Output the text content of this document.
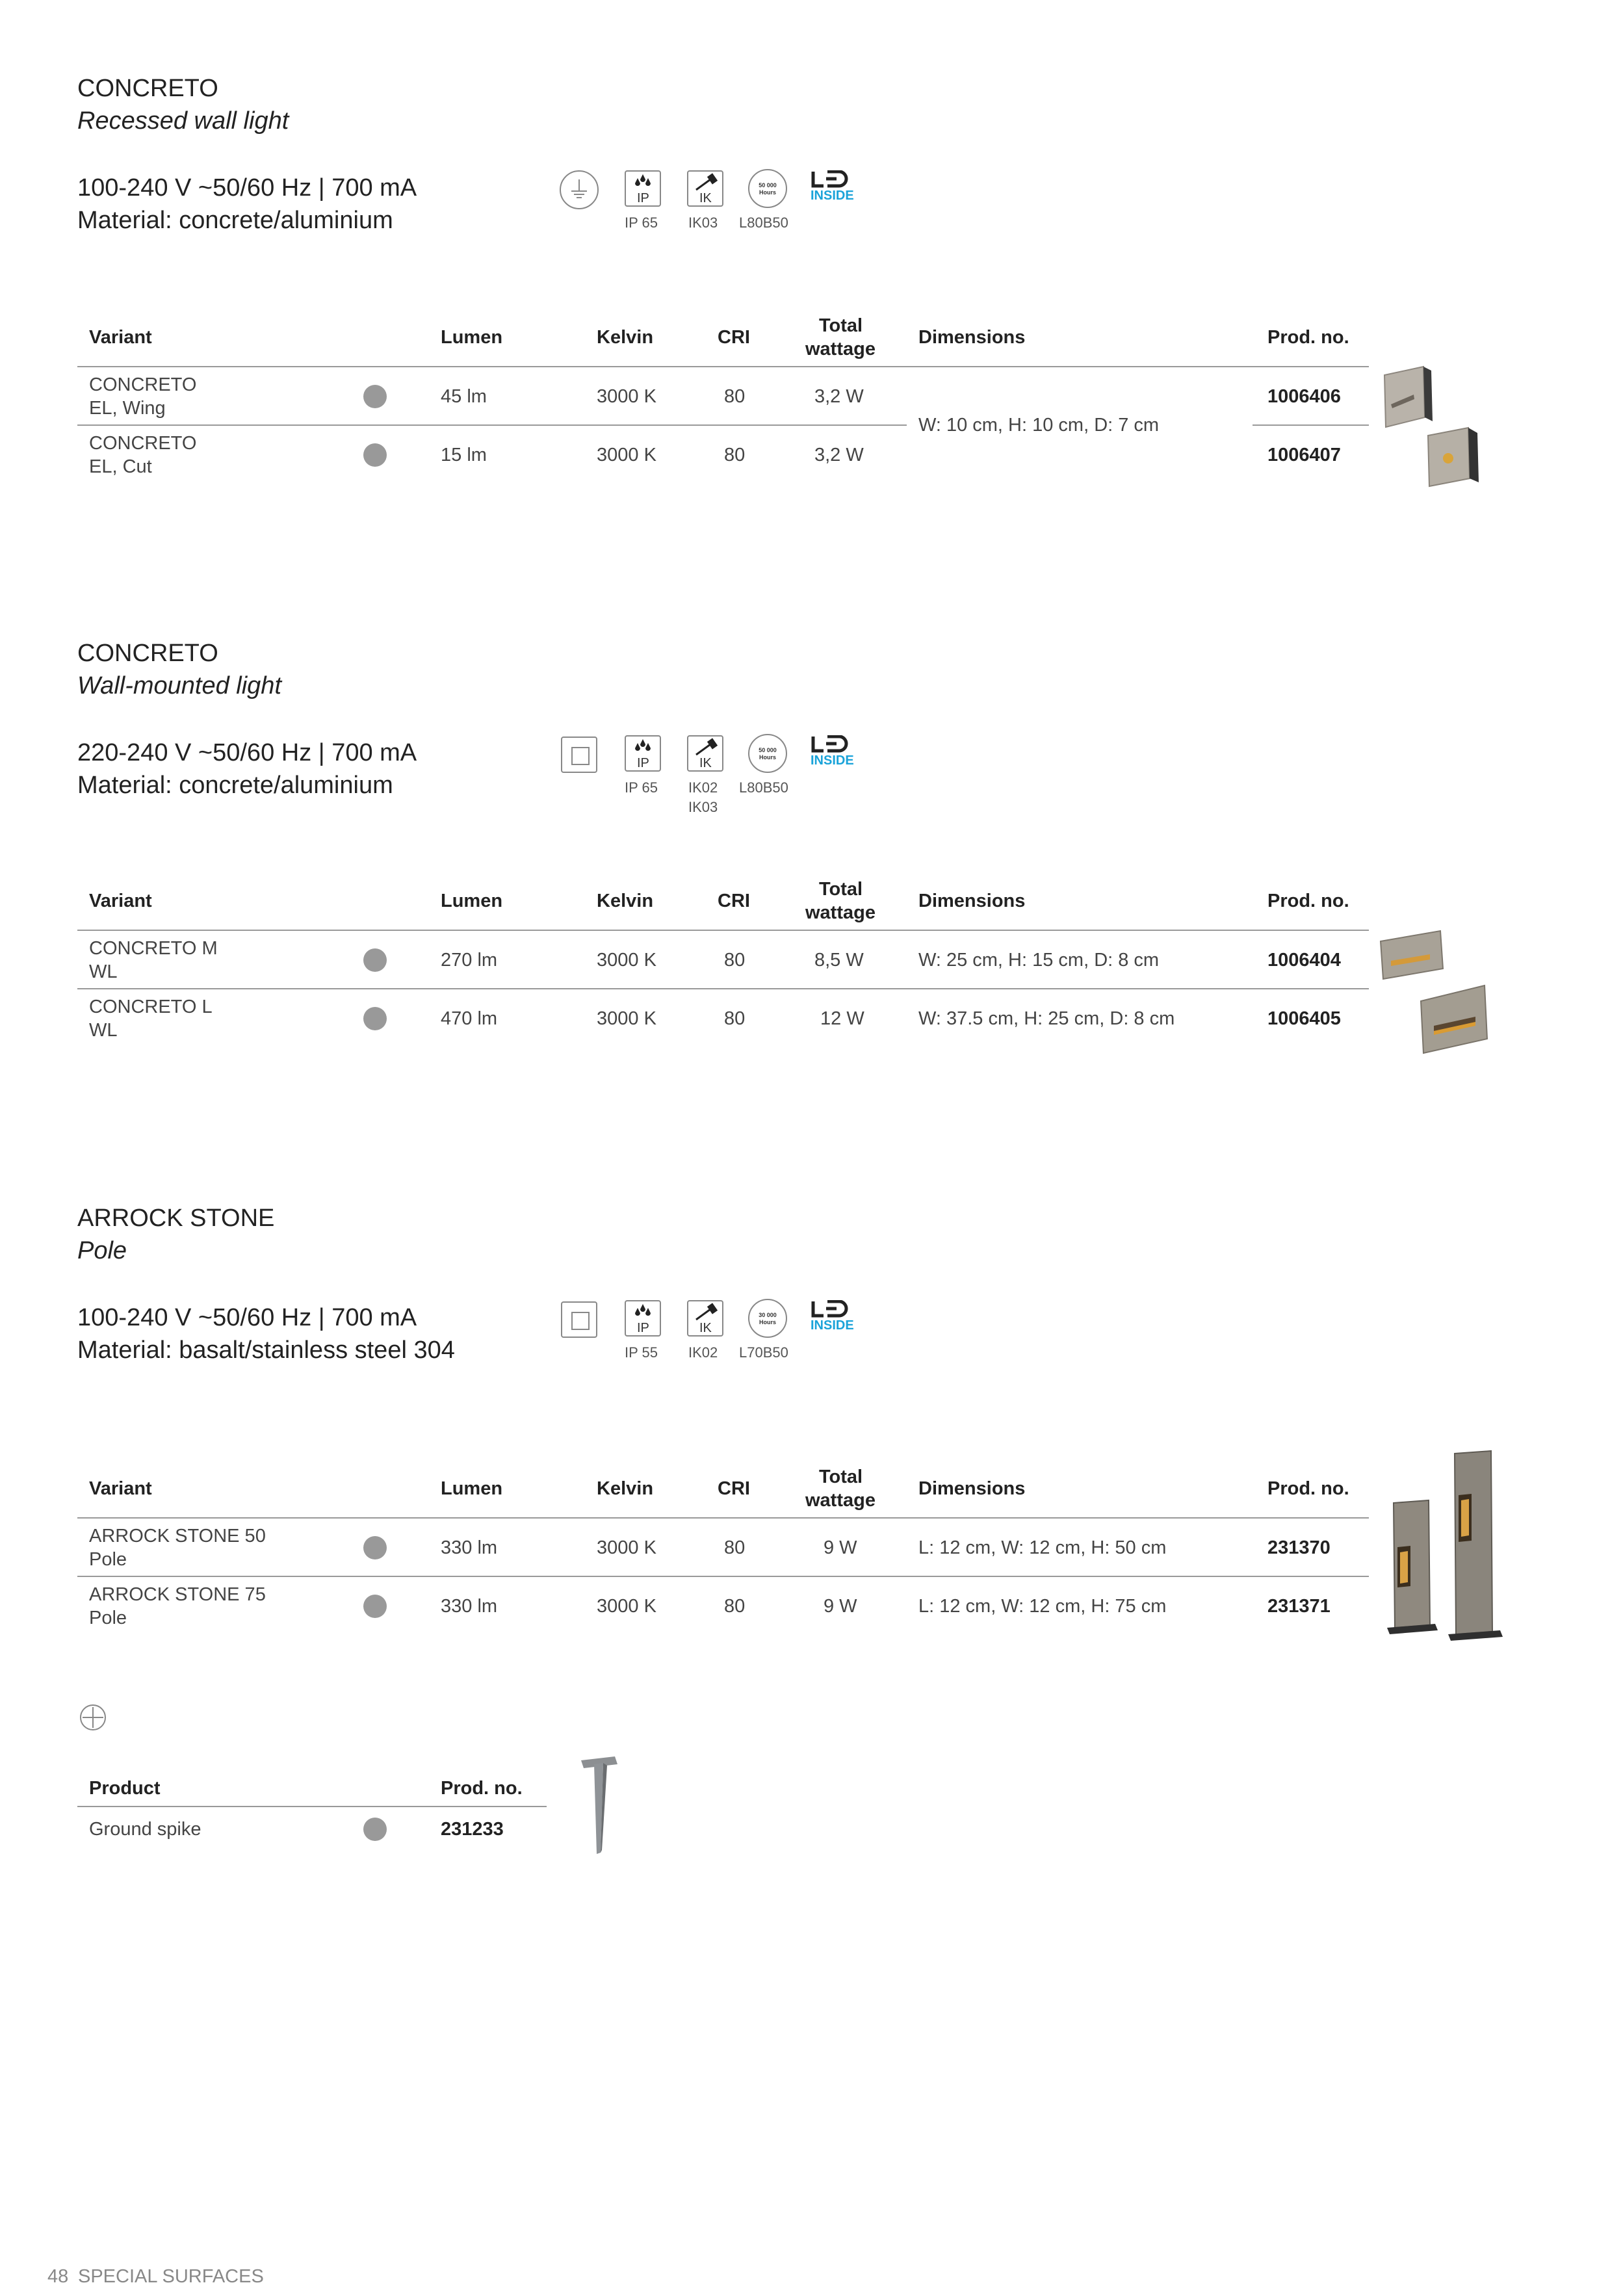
CONCRETO
Recessed wall light
100-240 V ~50/60 Hz | 700 mA
Material: concrete/aluminium
IP	IK
50 000
Hours	INSIDE
IP 65 IK03 L80B50
Variant	Lumen	Kelvin	CRI
Total
wattage
Dimensions	Prod. no.
CONCRETO
EL, Wing
45 lm	3000 K	80	3,2 W	1006406
W: 10 cm, H: 10 cm, D: 7 cm
CONCRETO
EL, Cut
15 lm	3000 K	80	3,2 W	1006407
CONCRETO
Wall-mounted light
220-240 V ~50/60 Hz | 700 mA
Material: concrete/aluminium
IP	IK
50 000
Hours	INSIDE
IP 65 IK02
IK03
L80B50
Variant	Lumen	Kelvin	CRI
Total
wattage
Dimensions	Prod. no.
CONCRETO M
WL
270 lm	3000 K	80	8,5 W	W: 25 cm, H: 15 cm, D: 8 cm	1006404
CONCRETO L
WL
470 lm	3000 K	80	12 W	W: 37.5 cm, H: 25 cm, D: 8 cm	1006405
ARROCK STONE
Pole
100-240 V ~50/60 Hz | 700 mA
Material: basalt/stainless steel 304
IP	IK
30 000
Hours	INSIDE
IP 55 IK02 L70B50
Variant	Lumen	Kelvin	CRI
Total
wattage
Dimensions	Prod. no.
ARROCK STONE 50
Pole
330 lm	3000 K	80	9 W	L: 12 cm, W: 12 cm, H: 50 cm	231370
ARROCK STONE 75
Pole
330 lm	3000 K	80	9 W	L: 12 cm, W: 12 cm, H: 75 cm	231371
Product	Prod. no.
Ground spike	231233
48 SPECIAL SURFACES
